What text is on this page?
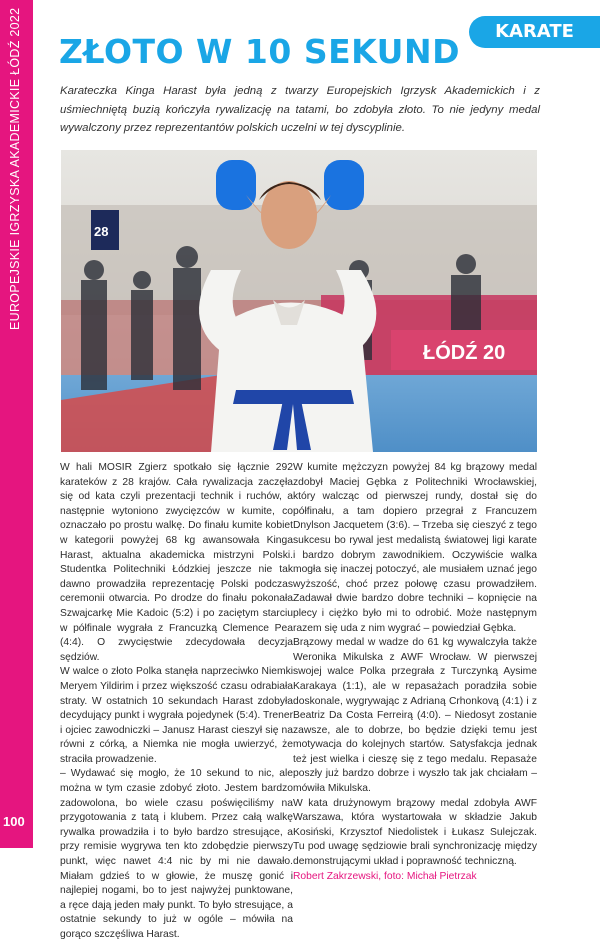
EUROPEJSKIE IGRZYSKA AKADEMICKIE ŁÓDŹ 2022
100
KARATE
ZŁOTO W 10 SEKUND

Karateczka Kinga Harast była jedną z twarzy Europejskich Igrzysk Akademickich i z uśmiechniętą buzią kończyła rywalizację na tatami, bo zdobyła złoto. To nie jedyny medal wywalczony przez reprezentantów polskich uczelni w tej dyscyplinie.

ŁÓDŹ 20
28

W hali MOSIR Zgierz spotkało się łącznie 292 karateków z 28 krajów. Cała rywalizacja zaczęła się od kata czyli prezentacji technik i ruchów, a następnie wytoniono zwycięzców w kumite, co oznaczało po prostu walkę. Do finału kumite kobiet w kategorii powyżej 68 kg awansowała Kinga Harast, aktualna akademicka mistrzyni Polski. Studentka Politechniki Łódzkiej jeszcze nie tak dawno prowadziła reprezentację Polski podczas ceremonii otwarcia. Po drodze do finału pokonała Szwajcarkę Mie Kadoic (5:2) i po zaciętym starciu w półfinale wygrała z Francuzką Clemence Pea (4:4). O zwycięstwie zdecydowała decyzja sędziów.

W walce o złoto Polka stanęła naprzeciwko Niemki Meryem Yildirim i przez większość czasu odrabiała straty. W ostatnich 10 sekundach Harast zdobyła decydujący punkt i wygrała pojedynek (5:4). Trener i ojciec zawodniczki – Janusz Harast cieszył się na równi z córką, a Niemka nie mogła uwierzyć, że straciła prowadzenie.

– Wydawać się mogło, że 10 sekund to nic, ale można w tym czasie zdobyć złoto. Jestem bardzo zadowolona, bo wiele czasu poświęciliśmy na przygotowania z tatą i klubem. Przez całą walkę rywalka prowadziła i to było bardzo stresujące, a przy remisie wygrywa ten kto zdobędzie pierwszy punkt, więc nawet 4:4 nic by mi nie dawało. Miałam gdzieś to w głowie, że muszę gonić i najlepiej nogami, bo to jest najwyżej punktowane, a ręce dają jeden mały punkt. To było stresujące, a ostatnie sekundy to już w ogóle – mówiła na gorąco szczęśliwa Harast.

W kumite mężczyzn powyżej 84 kg brązowy medal zdobył Maciej Gębka z Politechniki Wrocławskiej, który walcząc od pierwszej rundy, dostał się do półfinału, a tam dopiero przegrał z Francuzem Dnylson Jacquetem (3:6). – Trzeba się cieszyć z tego sukcesu bo rywal jest medalistą światowej ligi karate i bardzo dobrym zawodnikiem. Oczywiście walka mogła się inaczej potoczyć, ale musiałem uznać jego wyższość, choć przez połowę czasu prowadziłem. Zadawał dwie bardzo dobre techniki – kopnięcie na plecy i ciężko było mi to odrobić. Może następnym razem się uda z nim wygrać – powiedział Gębka.

Brązowy medal w wadze do 61 kg wywalczyła także Weronika Mikulska z AWF Wrocław. W pierwszej swojej walce Polka przegrała z Turczynką Aysime Karakaya (1:1), ale w repasażach poradziła sobie doskonale, wygrywając z Adrianą Crhonkovą (4:1) i z Beatriz Da Costa Ferreirą (4:0). – Niedosyt zostanie zawsze, ale to dobrze, bo będzie dzięki temu jest motywacja do kolejnych startów. Satysfakcja jednak też jest wielka i cieszę się z tego medalu. Repasaże poszły już bardzo dobrze i wyszło tak jak chciałam – mówiła Mikulska.

W kata drużynowym brązowy medal zdobyła AWF Warszawa, która wystartowała w składzie Jakub Kosiński, Krzysztof Niedolistek i Łukasz Sulejczak. Tu pod uwagę sędziowie brali synchronizację między demonstrującymi układ i poprawność techniczną.

Robert Zakrzewski, foto: Michał Pietrzak
